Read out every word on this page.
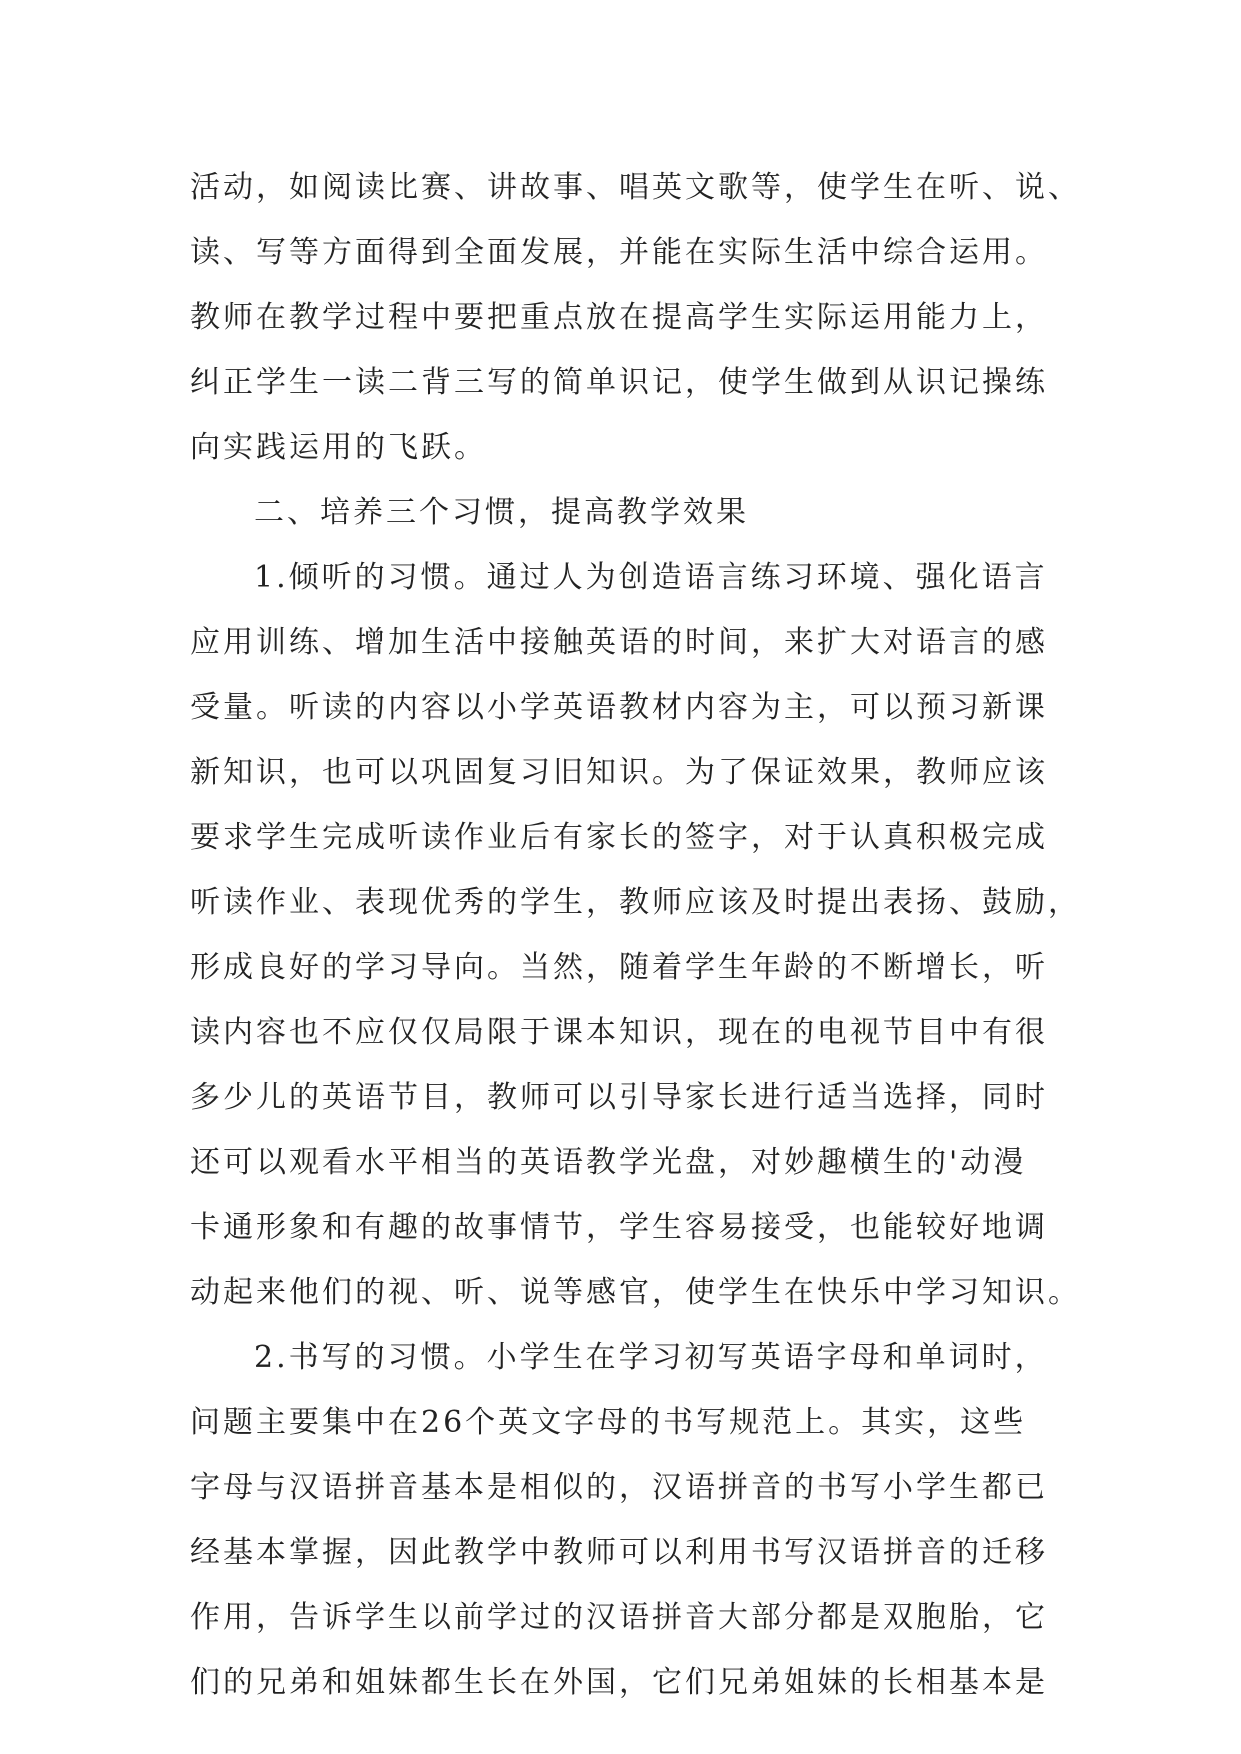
活动，如阅读比赛、讲故事、唱英文歌等，使学生在听、说、
读、写等方面得到全面发展，并能在实际生活中综合运用。
教师在教学过程中要把重点放在提高学生实际运用能力上，
纠正学生一读二背三写的简单识记，使学生做到从识记操练
向实践运用的飞跃。
二、培养三个习惯，提高教学效果
1.倾听的习惯。通过人为创造语言练习环境、强化语言
应用训练、增加生活中接触英语的时间，来扩大对语言的感
受量。听读的内容以小学英语教材内容为主，可以预习新课
新知识，也可以巩固复习旧知识。为了保证效果，教师应该
要求学生完成听读作业后有家长的签字，对于认真积极完成
听读作业、表现优秀的学生，教师应该及时提出表扬、鼓励，
形成良好的学习导向。当然，随着学生年龄的不断增长，听
读内容也不应仅仅局限于课本知识，现在的电视节目中有很
多少儿的英语节目，教师可以引导家长进行适当选择，同时
还可以观看水平相当的英语教学光盘，对妙趣横生的'动漫
卡通形象和有趣的故事情节，学生容易接受，也能较好地调
动起来他们的视、听、说等感官，使学生在快乐中学习知识。
2.书写的习惯。小学生在学习初写英语字母和单词时，
问题主要集中在26个英文字母的书写规范上。其实，这些
字母与汉语拼音基本是相似的，汉语拼音的书写小学生都已
经基本掌握，因此教学中教师可以利用书写汉语拼音的迁移
作用，告诉学生以前学过的汉语拼音大部分都是双胞胎，它
们的兄弟和姐妹都生长在外国，它们兄弟姐妹的长相基本是
